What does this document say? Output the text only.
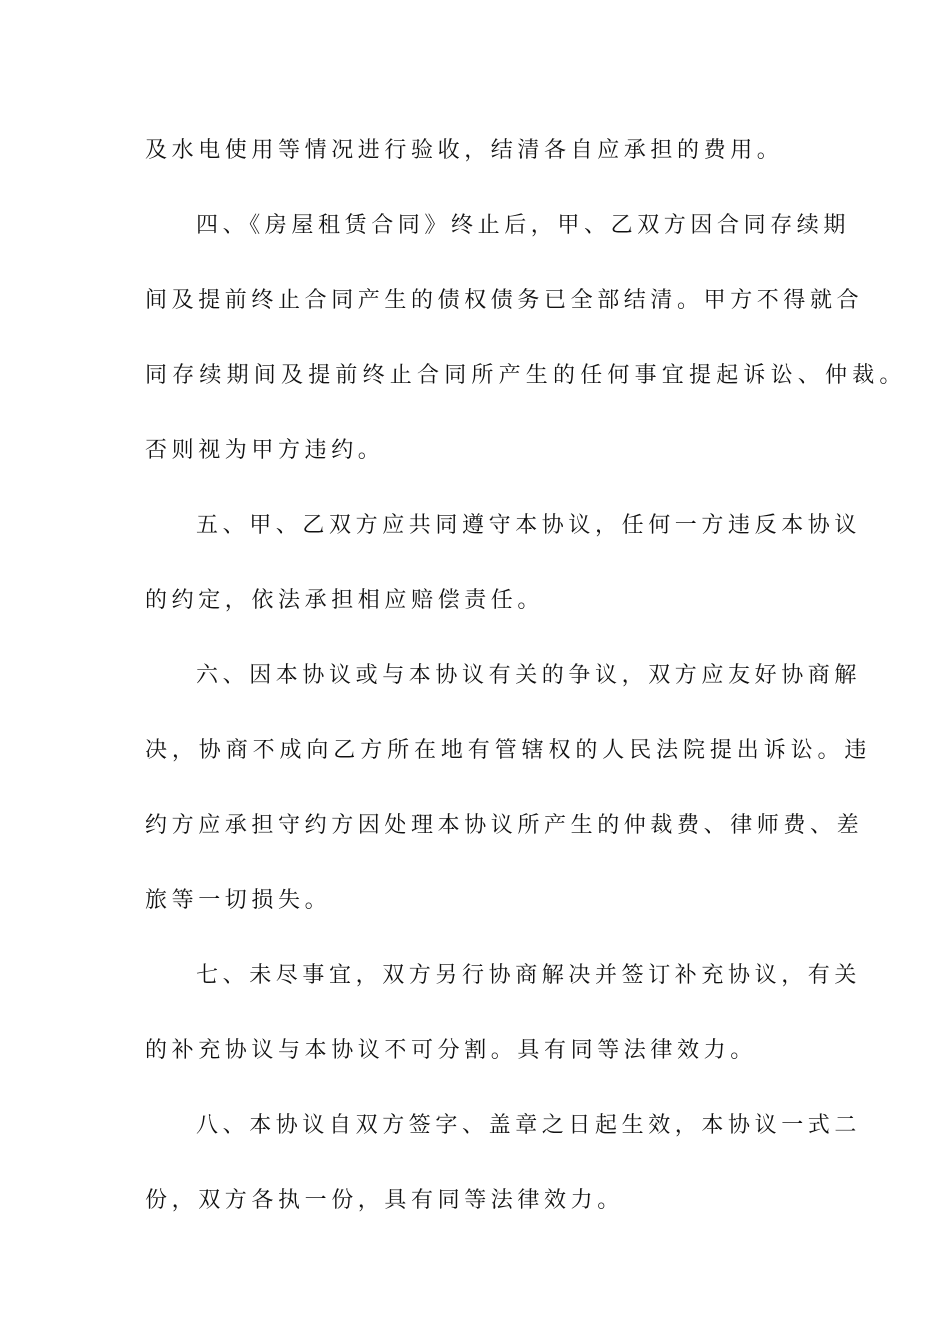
及水电使用等情况进行验收，结清各自应承担的费用。

四、《房屋租赁合同》终止后，甲、乙双方因合同存续期

间及提前终止合同产生的债权债务已全部结清。甲方不得就合

同存续期间及提前终止合同所产生的任何事宜提起诉讼、仲裁。

否则视为甲方违约。

五、甲、乙双方应共同遵守本协议，任何一方违反本协议

的约定，依法承担相应赔偿责任。

六、因本协议或与本协议有关的争议，双方应友好协商解

决，协商不成向乙方所在地有管辖权的人民法院提出诉讼。违

约方应承担守约方因处理本协议所产生的仲裁费、律师费、差

旅等一切损失。

七、未尽事宜，双方另行协商解决并签订补充协议，有关

的补充协议与本协议不可分割。具有同等法律效力。

八、本协议自双方签字、盖章之日起生效，本协议一式二

份，双方各执一份，具有同等法律效力。
